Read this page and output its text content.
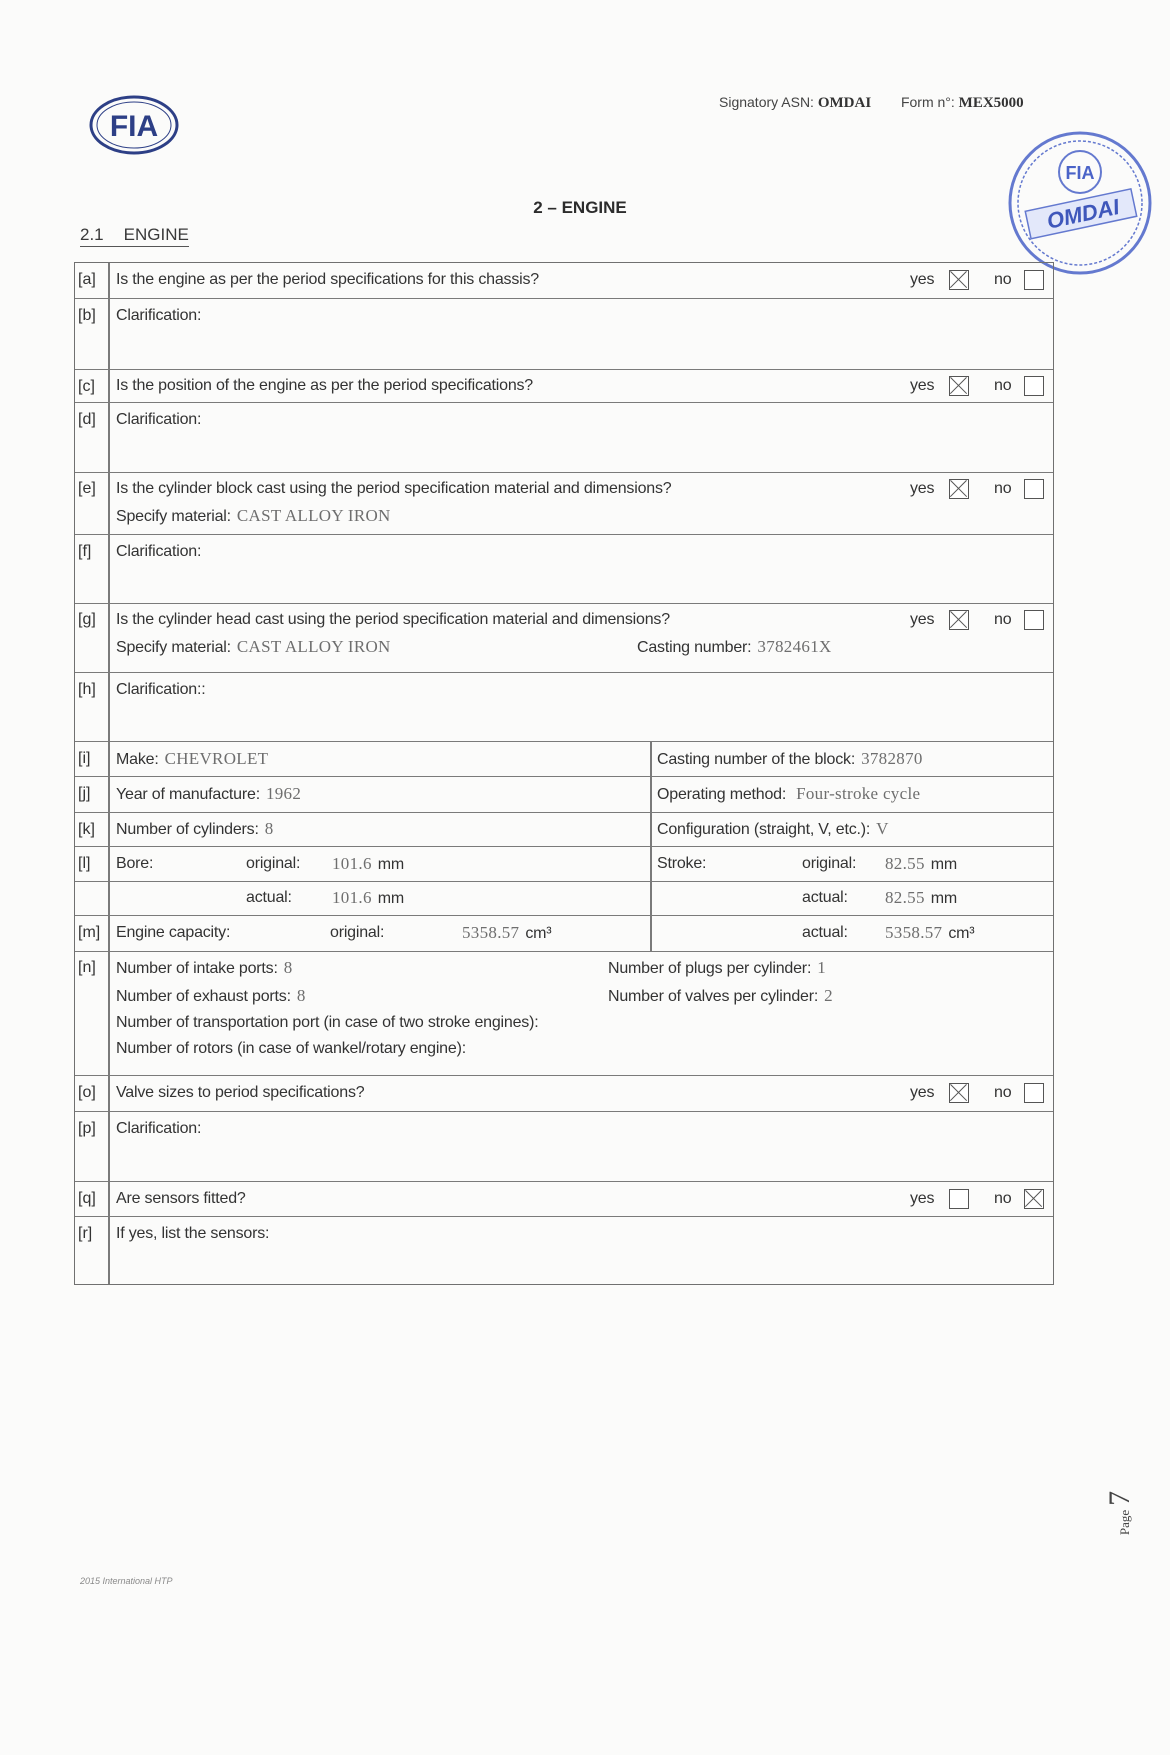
FIA
Signatory ASN: OMDAI Form n°: MEX5000
FIA
OMDAI
2 – ENGINE
2.1 ENGINE
[a] Is the engine as per the period specifications for this chassis?	yes	no
[b] Clarification:
[c] Is the position of the engine as per the period specifications?	yes	no
[d] Clarification:
[e] Is the cylinder block cast using the period specification material and dimensions?
Specify material: CAST ALLOY IRON
yes	no
[f] Clarification:
[g] Is the cylinder head cast using the period specification material and dimensions?
Specify material: CAST ALLOY IRON	Casting number: 3782461X
yes	no
[h] Clarification::
[i] Make: CHEVROLET	Casting number of the block: 3782870
[j] Year of manufacture: 1962	Operating method: Four-stroke cycle
[k] Number of cylinders: 8	Configuration (straight, V, etc.): V
[l] Bore:	original: 101.6 mm	Stroke:	original: 82.55 mm
actual: 101.6 mm	actual: 82.55 mm
[m] Engine capacity:	original:	5358.57 cm³	actual: 5358.57 cm³
[n] Number of intake ports: 8
Number of exhaust ports: 8
Number of transportation port (in case of two stroke engines):
Number of rotors (in case of wankel/rotary engine):
Number of plugs per cylinder: 1
Number of valves per cylinder: 2
[o] Valve sizes to period specifications?	yes	no
[p] Clarification:
[q] Are sensors fitted?	yes	no
[r] If yes, list the sensors:
2015 International HTP
Page 7
